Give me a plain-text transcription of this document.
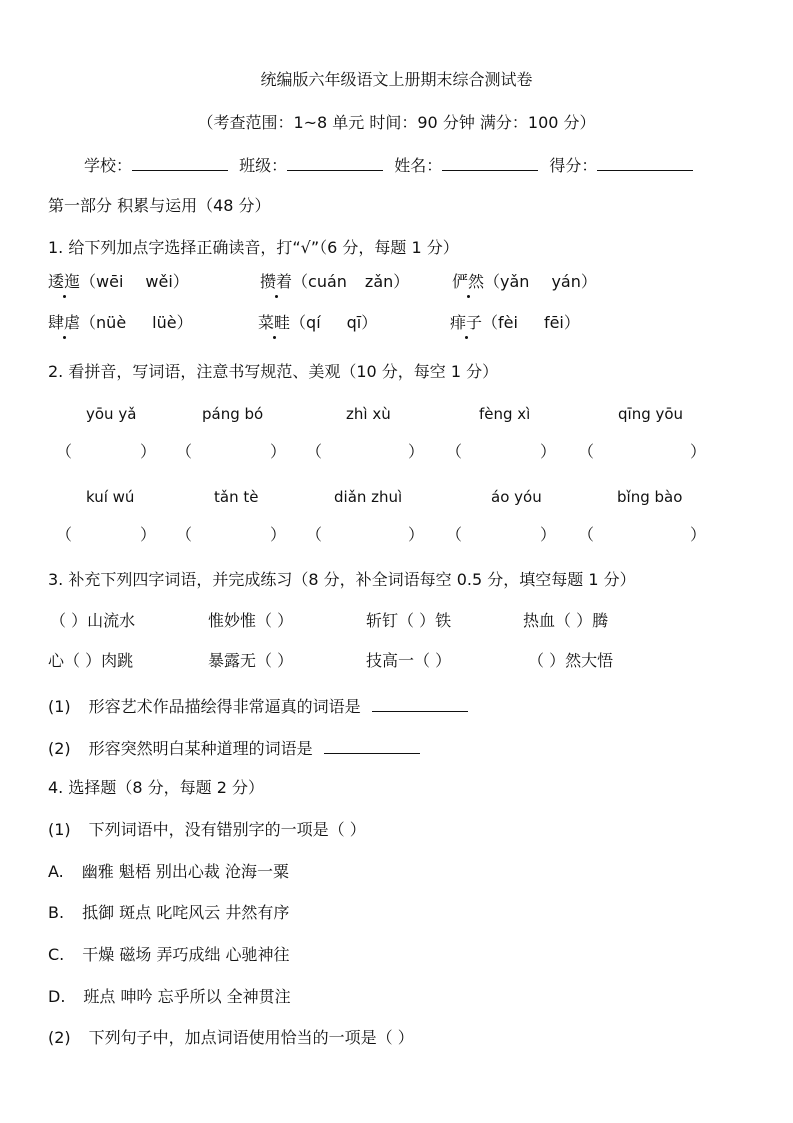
统编版六年级语文上册期末综合测试卷
（考查范围：1~8 单元 时间：90 分钟 满分：100 分）
学校：	班级：	姓名：	得分：
第一部分 积累与运用（48 分）
1. 给下列加点字选择正确读音，打“√”（6 分，每题 1 分）
逶迤（wēi wěi）	攒着（cuán zǎn）	俨然（yǎn yán）
肆虐（nüè lüè）	菜畦（qí qī）	痱子（fèi fēi）
2. 看拼音，写词语，注意书写规范、美观（10 分，每空 1 分）
yōu yǎ	páng bó	zhì xù	fèng xì	qīng yōu
（	） （	） （	） （	） （	）
kuí wú	tǎn tè	diǎn zhuì	áo yóu	bǐng bào
（	） （	） （	） （	） （	）
3. 补充下列四字词语，并完成练习（8 分，补全词语每空 0.5 分，填空每题 1 分）
（ ）山流水	惟妙惟（ ）	斩钉（ ）铁	热血（ ）腾
心（ ）肉跳	暴露无（ ）	技高一（ ）	（ ）然大悟
(1) 形容艺术作品描绘得非常逼真的词语是
(2) 形容突然明白某种道理的词语是
4. 选择题（8 分，每题 2 分）
(1) 下列词语中，没有错别字的一项是（ ）
A. 幽雅 魁梧 别出心裁 沧海一粟
B. 抵御 斑点 叱咤风云 井然有序
C. 干燥 磁场 弄巧成绌 心驰神往
D. 班点 呻吟 忘乎所以 全神贯注
(2) 下列句子中，加点词语使用恰当的一项是（ ）
